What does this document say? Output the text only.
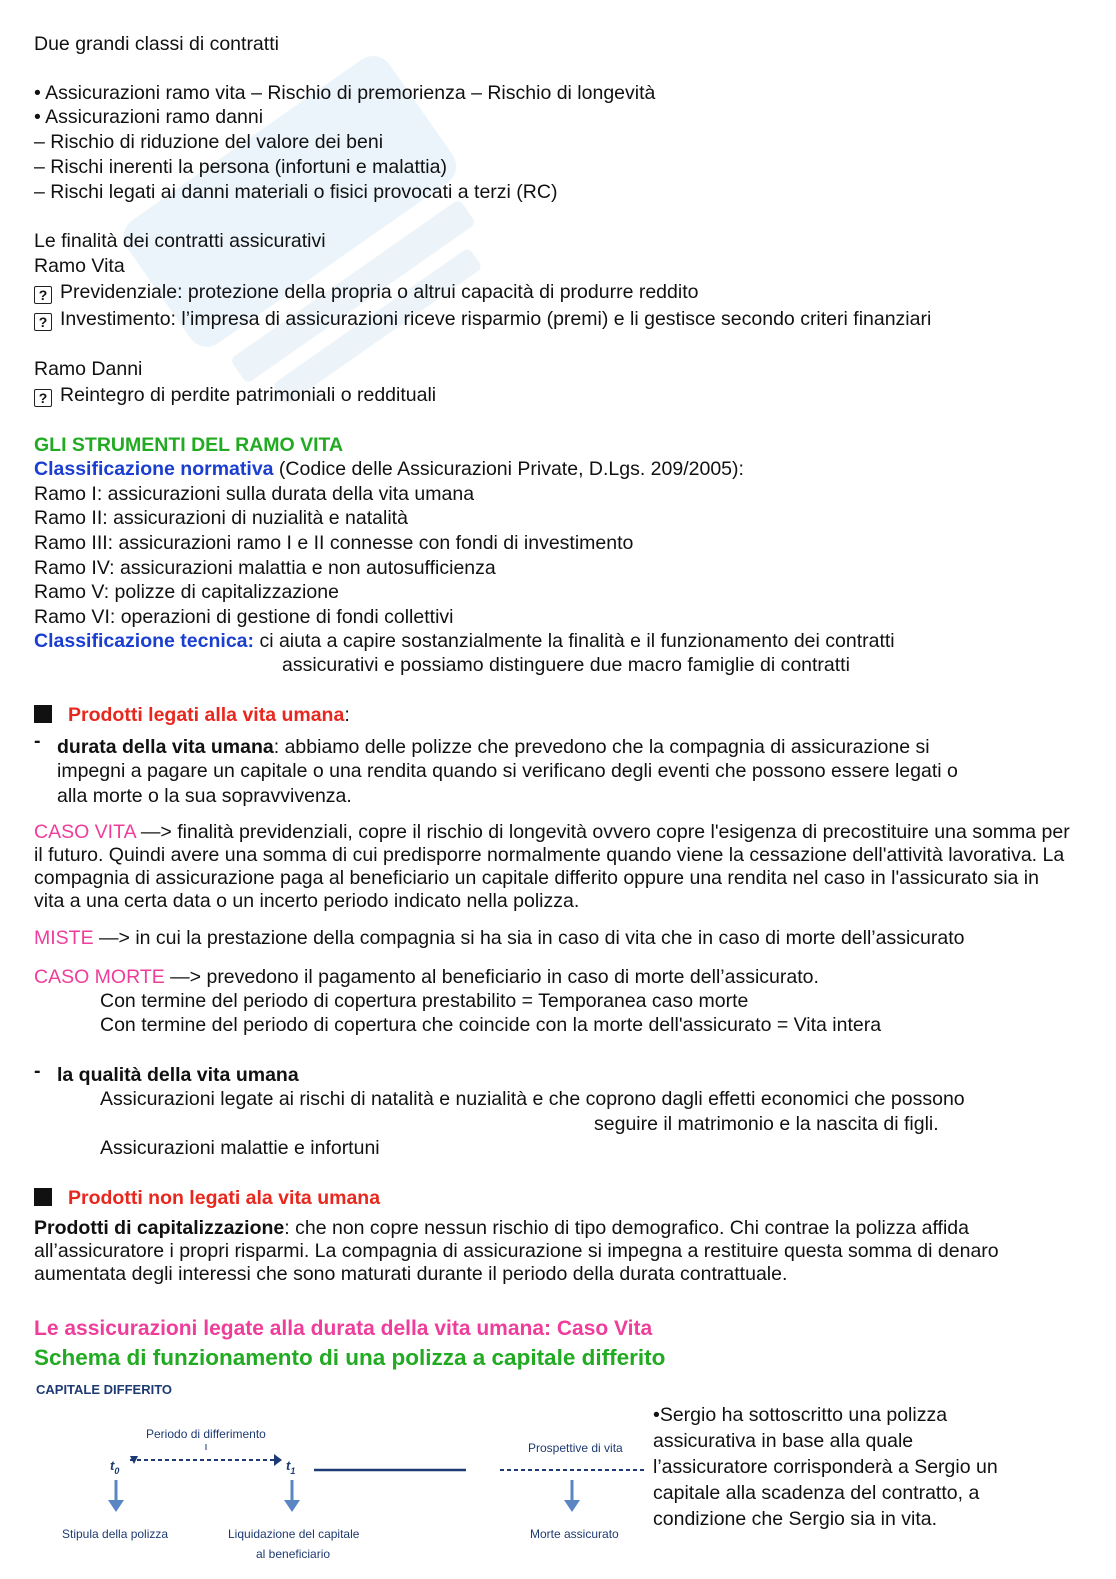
Due grandi classi di contratti
• Assicurazioni ramo vita – Rischio di premorienza – Rischio di longevità
• Assicurazioni ramo danni
– Rischio di riduzione del valore dei beni
– Rischi inerenti la persona (infortuni e malattia)
– Rischi legati ai danni materiali o fisici provocati a terzi (RC)
Le finalità dei contratti assicurativi
Ramo Vita
? Previdenziale: protezione della propria o altrui capacità di produrre reddito
? Investimento: l’impresa di assicurazioni riceve risparmio (premi) e li gestisce secondo criteri finanziari
Ramo Danni
? Reintegro di perdite patrimoniali o reddituali
GLI STRUMENTI DEL RAMO VITA
Classificazione normativa (Codice delle Assicurazioni Private, D.Lgs. 209/2005):
Ramo I: assicurazioni sulla durata della vita umana
Ramo II: assicurazioni di nuzialità e natalità
Ramo III: assicurazioni ramo I e II connesse con fondi di investimento
Ramo IV: assicurazioni malattia e non autosufficienza
Ramo V: polizze di capitalizzazione
Ramo VI: operazioni di gestione di fondi collettivi
Classificazione tecnica: ci aiuta a capire sostanzialmente la finalità e il funzionamento dei contratti
assicurativi e possiamo distinguere due macro famiglie di contratti
Prodotti legati alla vita umana:
- durata della vita umana: abbiamo delle polizze che prevedono che la compagnia di assicurazione si
impegni a pagare un capitale o una rendita quando si verificano degli eventi che possono essere legati o
alla morte o la sua sopravvivenza.
CASO VITA —> finalità previdenziali, copre il rischio di longevità ovvero copre l'esigenza di precostituire una somma per il futuro. Quindi avere una somma di cui predisporre normalmente quando viene la cessazione dell'attività lavorativa. La compagnia di assicurazione paga al beneficiario un capitale differito oppure una rendita nel caso in l'assicurato sia in vita a una certa data o un incerto periodo indicato nella polizza.
MISTE —> in cui la prestazione della compagnia si ha sia in caso di vita che in caso di morte dell’assicurato
CASO MORTE —> prevedono il pagamento al beneficiario in caso di morte dell’assicurato.
Con termine del periodo di copertura prestabilito = Temporanea caso morte
Con termine del periodo di copertura che coincide con la morte dell'assicurato = Vita intera
- la qualità della vita umana
Assicurazioni legate ai rischi di natalità e nuzialità e che coprono dagli effetti economici che possono
seguire il matrimonio e la nascita di figli.
Assicurazioni malattie e infortuni
Prodotti non legati ala vita umana
Prodotti di capitalizzazione: che non copre nessun rischio di tipo demografico. Chi contrae la polizza affida all’assicuratore i propri risparmi. La compagnia di assicurazione si impegna a restituire questa somma di denaro aumentata degli interessi che sono maturati durante il periodo della durata contrattuale.
Le assicurazioni legate alla durata della vita umana: Caso Vita
Schema di funzionamento di una polizza a capitale differito
CAPITALE DIFFERITO
Periodo di differimento
$t_0$	$t_1$
Prospettive di vita
Stipula della polizza	Liquidazione del capitale
al beneficiario
Morte assicurato
•Sergio ha sottoscritto una polizza
assicurativa in base alla quale
l’assicuratore corrisponderà a Sergio un
capitale alla scadenza del contratto, a
condizione che Sergio sia in vita.
